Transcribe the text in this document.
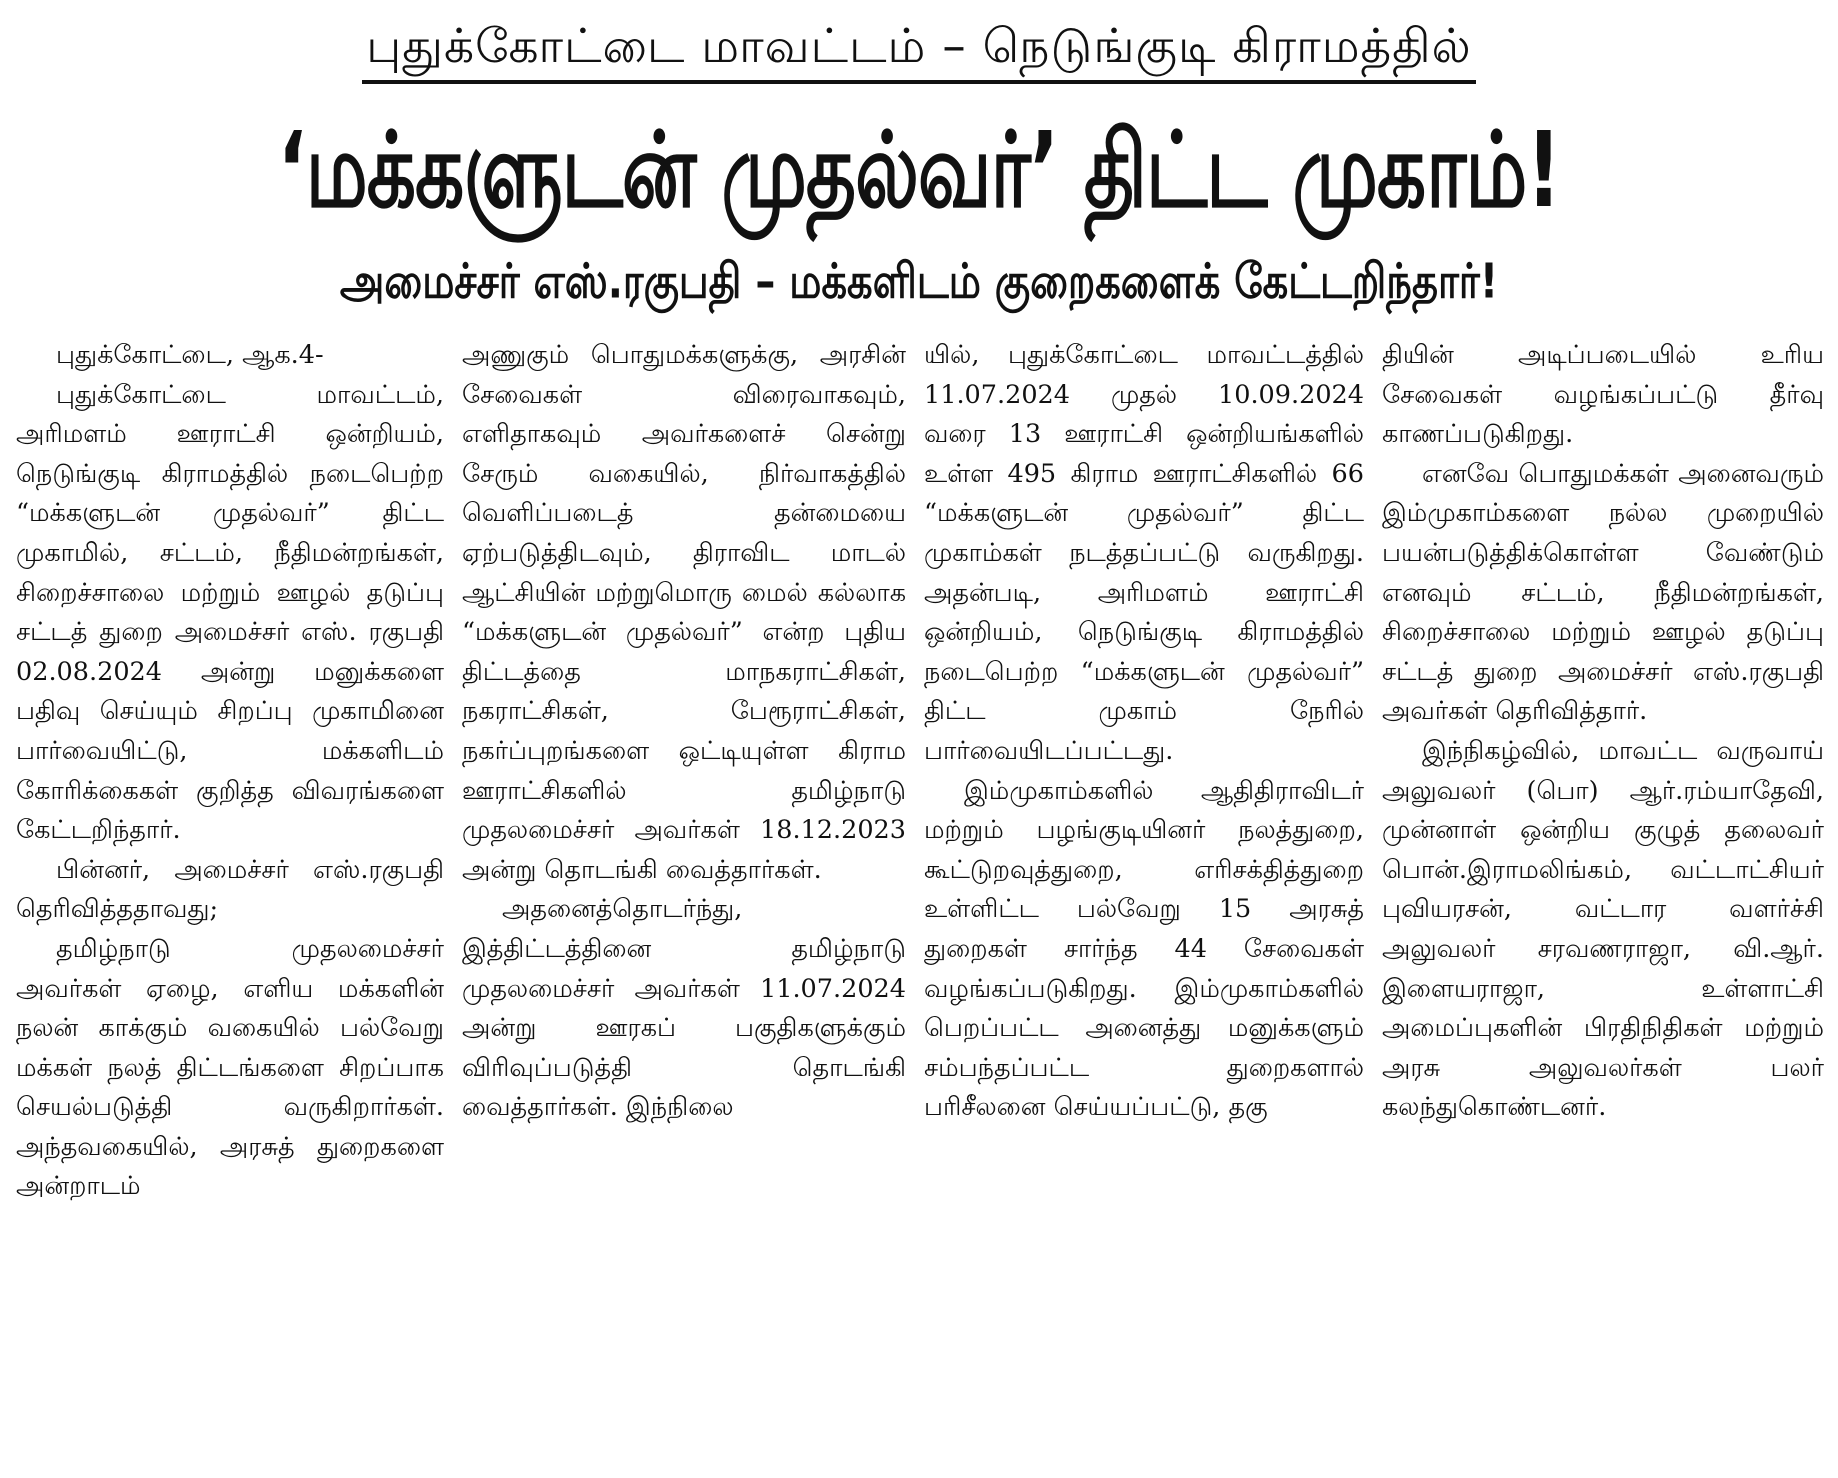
புதுக்கோட்டை மாவட்டம் – நெடுங்குடி கிராமத்தில்
‘மக்களுடன் முதல்வர்’ திட்ட முகாம்!
அமைச்சர் எஸ்.ரகுபதி – மக்களிடம் குறைகளைக் கேட்டறிந்தார்!

புதுக்கோட்டை, ஆக.4-

புதுக்கோட்டை மாவட்டம், அரிமளம் ஊராட்சி ஒன்றியம், நெடுங்குடி கிராமத்தில் நடைபெற்ற “மக்களுடன் முதல்வர்” திட்ட முகாமில், சட்டம், நீதிமன்றங்கள், சிறைச்சாலை மற்றும் ஊழல் தடுப்பு சட்டத் துறை அமைச்சர் எஸ். ரகுபதி 02.08.2024 அன்று மனுக்களை பதிவு செய்யும் சிறப்பு முகாமினை பார்வையிட்டு, மக்களிடம் கோரிக்கைகள் குறித்த விவரங்களை கேட்டறிந்தார்.

பின்னர், அமைச்சர் எஸ்.ரகுபதி தெரிவித்ததாவது;

தமிழ்நாடு முதலமைச்சர் அவர்கள் ஏழை, எளிய மக்களின் நலன் காக்கும் வகையில் பல்வேறு மக்கள் நலத் திட்டங்களை சிறப்பாக செயல்படுத்தி வருகிறார்கள். அந்தவகையில், அரசுத் துறைகளை அன்றாடம்

அணுகும் பொதுமக்களுக்கு, அரசின் சேவைகள் விரைவாகவும், எளிதாகவும் அவர்களைச் சென்று சேரும் வகையில், நிர்வாகத்தில் வெளிப்படைத் தன்மையை ஏற்படுத்திடவும், திராவிட மாடல் ஆட்சியின் மற்றுமொரு மைல் கல்லாக “மக்களுடன் முதல்வர்” என்ற புதிய திட்டத்தை மாநகராட்சிகள், நகராட்சிகள், பேரூராட்சிகள், நகர்ப்புறங்களை ஒட்டியுள்ள கிராம ஊராட்சிகளில் தமிழ்நாடு முதலமைச்சர் அவர்கள் 18.12.2023 அன்று தொடங்கி வைத்தார்கள்.

அதனைத்தொடர்ந்து, இத்திட்டத்தினை தமிழ்நாடு முதலமைச்சர் அவர்கள் 11.07.2024 அன்று ஊரகப் பகுதிகளுக்கும் விரிவுப்படுத்தி தொடங்கி வைத்தார்கள். இந்நிலை

யில், புதுக்கோட்டை மாவட்டத்தில் 11.07.2024 முதல் 10.09.2024 வரை 13 ஊராட்சி ஒன்றியங்களில் உள்ள 495 கிராம ஊராட்சிகளில் 66 “மக்களுடன் முதல்வர்” திட்ட முகாம்கள் நடத்தப்பட்டு வருகிறது. அதன்படி, அரிமளம் ஊராட்சி ஒன்றியம், நெடுங்குடி கிராமத்தில் நடைபெற்ற “மக்களுடன் முதல்வர்” திட்ட முகாம் நேரில் பார்வையிடப்பட்டது.

இம்முகாம்களில் ஆதிதிராவிடர் மற்றும் பழங்குடியினர் நலத்துறை, கூட்டுறவுத்துறை, எரிசக்தித்துறை உள்ளிட்ட பல்வேறு 15 அரசுத் துறைகள் சார்ந்த 44 சேவைகள் வழங்கப்படுகிறது. இம்முகாம்களில் பெறப்பட்ட அனைத்து மனுக்களும் சம்பந்தப்பட்ட துறைகளால் பரிசீலனை செய்யப்பட்டு, தகு

தியின் அடிப்படையில் உரிய சேவைகள் வழங்கப்பட்டு தீர்வு காணப்படுகிறது.

எனவே பொதுமக்கள் அனைவரும் இம்முகாம்களை நல்ல முறையில் பயன்படுத்திக்கொள்ள வேண்டும் எனவும் சட்டம், நீதிமன்றங்கள், சிறைச்சாலை மற்றும் ஊழல் தடுப்பு சட்டத் துறை அமைச்சர் எஸ்.ரகுபதி அவர்கள் தெரிவித்தார்.

இந்நிகழ்வில், மாவட்ட வருவாய் அலுவலர் (பொ) ஆர்.ரம்யாதேவி, முன்னாள் ஒன்றிய குழுத் தலைவர் பொன்.இராமலிங்கம், வட்டாட்சியர் புவியரசன், வட்டார வளர்ச்சி அலுவலர் சரவணராஜா, வி.ஆர். இளையராஜா, உள்ளாட்சி அமைப்புகளின் பிரதிநிதிகள் மற்றும் அரசு அலுவலர்கள் பலர் கலந்துகொண்டனர்.
